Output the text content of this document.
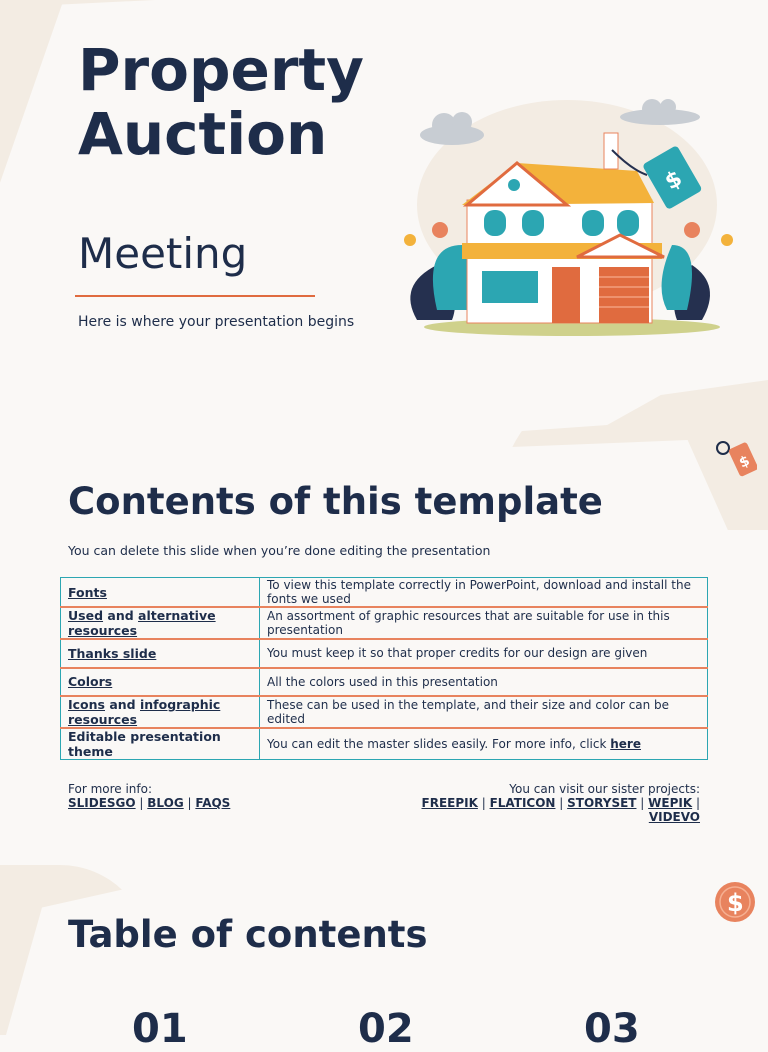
Property Auction
Meeting
Here is where your presentation begins
$
$
Contents of this template
You can delete this slide when you’re done editing the presentation
Fonts	To view this template correctly in PowerPoint, download and install the fonts we used
Used and alternative resources	An assortment of graphic resources that are suitable for use in this presentation
Thanks slide	You must keep it so that proper credits for our design are given
Colors	All the colors used in this presentation
Icons and infographic resources	These can be used in the template, and their size and color can be edited
Editable presentation theme	You can edit the master slides easily. For more info, click here
For more info:
SLIDESGO | BLOG | FAQS
You can visit our sister projects:
FREEPIK | FLATICON | STORYSET | WEPIK | VIDEVO
$
Table of contents
01	02	03
